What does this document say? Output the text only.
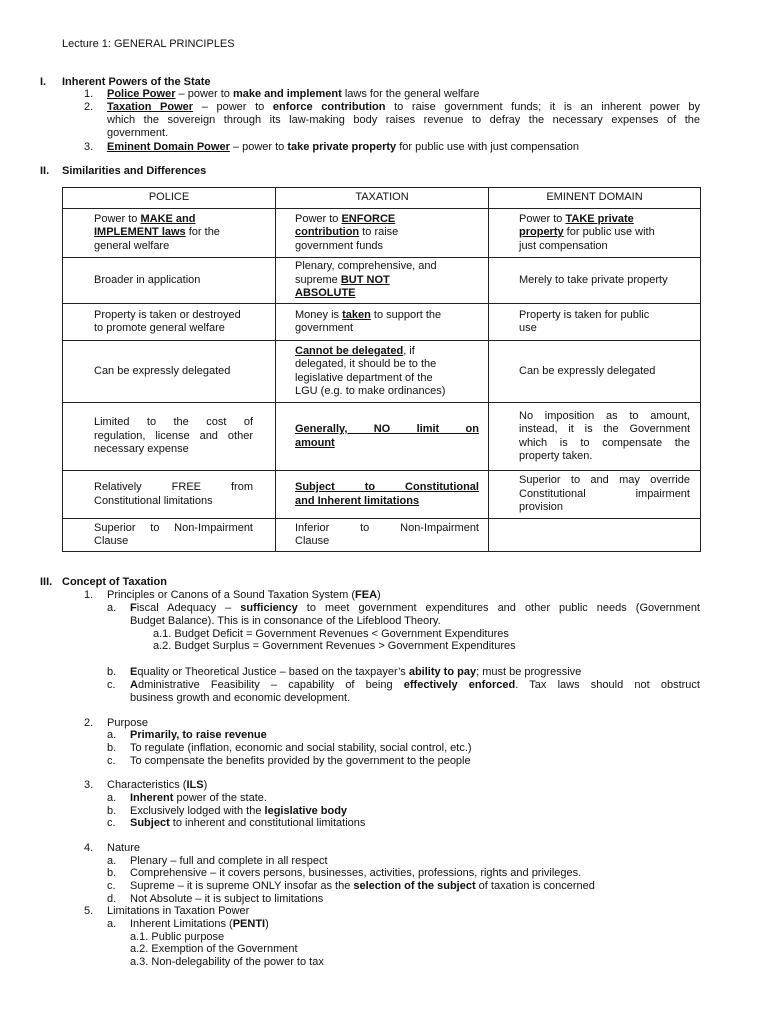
Lecture 1: GENERAL PRINCIPLES
I. Inherent Powers of the State
1. Police Power – power to make and implement laws for the general welfare
2. Taxation Power – power to enforce contribution to raise government funds; it is an inherent power by
which the sovereign through its law-making body raises revenue to defray the necessary expenses of the
government.
3. Eminent Domain Power – power to take private property for public use with just compensation
II. Similarities and Differences
POLICE	TAXATION	EMINENT DOMAIN
Power to MAKE and
IMPLEMENT laws for the
general welfare	Power to ENFORCE
contribution to raise
government funds	Power to TAKE private
property for public use with
just compensation
Broader in application	Plenary, comprehensive, and
supreme BUT NOT
ABSOLUTE	Merely to take private property
Property is taken or destroyed
to promote general welfare	Money is taken to support the
government	Property is taken for public
use
Can be expressly delegated	Cannot be delegated, if
delegated, it should be to the
legislative department of the
LGU (e.g. to make ordinances)	Can be expressly delegated

Limited to the cost of
regulation, license and other
necessary expense	Generally, NO limit on
amount	No imposition as to amount,
instead, it is the Government
which is to compensate the
property taken.

Relatively FREE from
Constitutional limitations	Subject to Constitutional
and Inherent limitations	Superior to and may override
Constitutional impairment
provision

Superior to Non-Impairment
Clause	Inferior to Non-Impairment
Clause	
III. Concept of Taxation
1. Principles or Canons of a Sound Taxation System (FEA)
a. Fiscal Adequacy – sufficiency to meet government expenditures and other public needs (Government
Budget Balance). This is in consonance of the Lifeblood Theory.
a.1. Budget Deficit = Government Revenues < Government Expenditures
a.2. Budget Surplus = Government Revenues > Government Expenditures
b. Equality or Theoretical Justice – based on the taxpayer’s ability to pay; must be progressive
c. Administrative Feasibility – capability of being effectively enforced. Tax laws should not obstruct
business growth and economic development.
2. Purpose
a. Primarily, to raise revenue
b. To regulate (inflation, economic and social stability, social control, etc.)
c. To compensate the benefits provided by the government to the people
3. Characteristics (ILS)
a. Inherent power of the state.
b. Exclusively lodged with the legislative body
c. Subject to inherent and constitutional limitations
4. Nature
a. Plenary – full and complete in all respect
b. Comprehensive – it covers persons, businesses, activities, professions, rights and privileges.
c. Supreme – it is supreme ONLY insofar as the selection of the subject of taxation is concerned
d. Not Absolute – it is subject to limitations
5. Limitations in Taxation Power
a. Inherent Limitations (PENTI)
a.1. Public purpose
a.2. Exemption of the Government
a.3. Non-delegability of the power to tax
